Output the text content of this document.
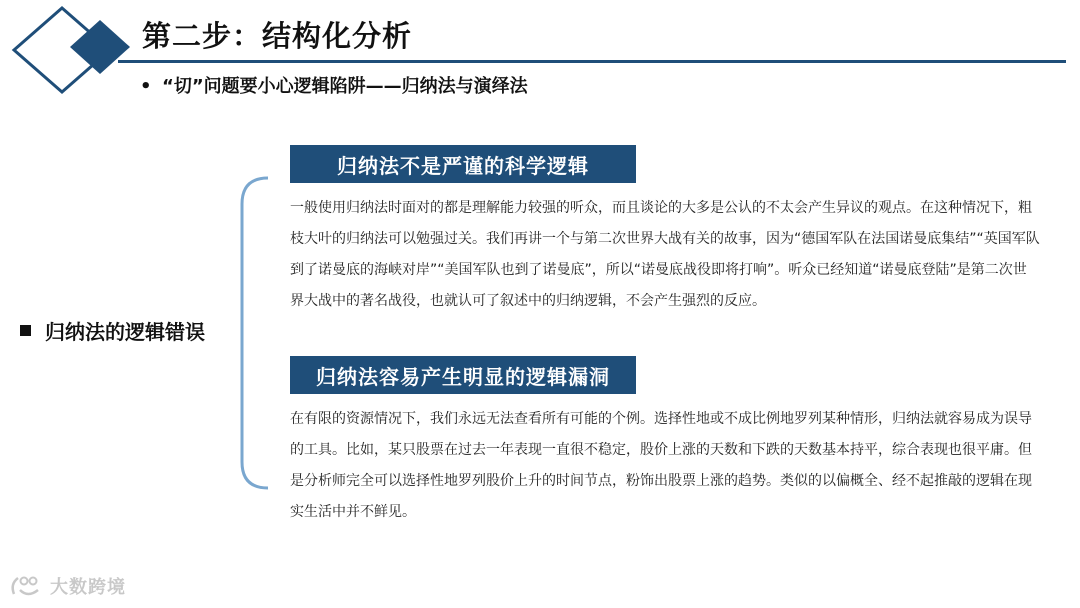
第二步：结构化分析
• “切”问题要小心逻辑陷阱——归纳法与演绎法
归纳法的逻辑错误
归纳法不是严谨的科学逻辑

一般使用归纳法时面对的都是理解能力较强的听众，而且谈论的大多是公认的不太会产生异议的观点。在这种情况下，粗枝大叶的归纳法可以勉强过关。我们再讲一个与第二次世界大战有关的故事，因为“德国军队在法国诺曼底集结”“英国军队到了诺曼底的海峡对岸”“美国军队也到了诺曼底”，所以“诺曼底战役即将打响”。听众已经知道“诺曼底登陆”是第二次世界大战中的著名战役，也就认可了叙述中的归纳逻辑，不会产生强烈的反应。

归纳法容易产生明显的逻辑漏洞

在有限的资源情况下，我们永远无法查看所有可能的个例。选择性地或不成比例地罗列某种情形，归纳法就容易成为误导的工具。比如，某只股票在过去一年表现一直很不稳定，股价上涨的天数和下跌的天数基本持平，综合表现也很平庸。但是分析师完全可以选择性地罗列股价上升的时间节点，粉饰出股票上涨的趋势。类似的以偏概全、经不起推敲的逻辑在现实生活中并不鲜见。

大数跨境
